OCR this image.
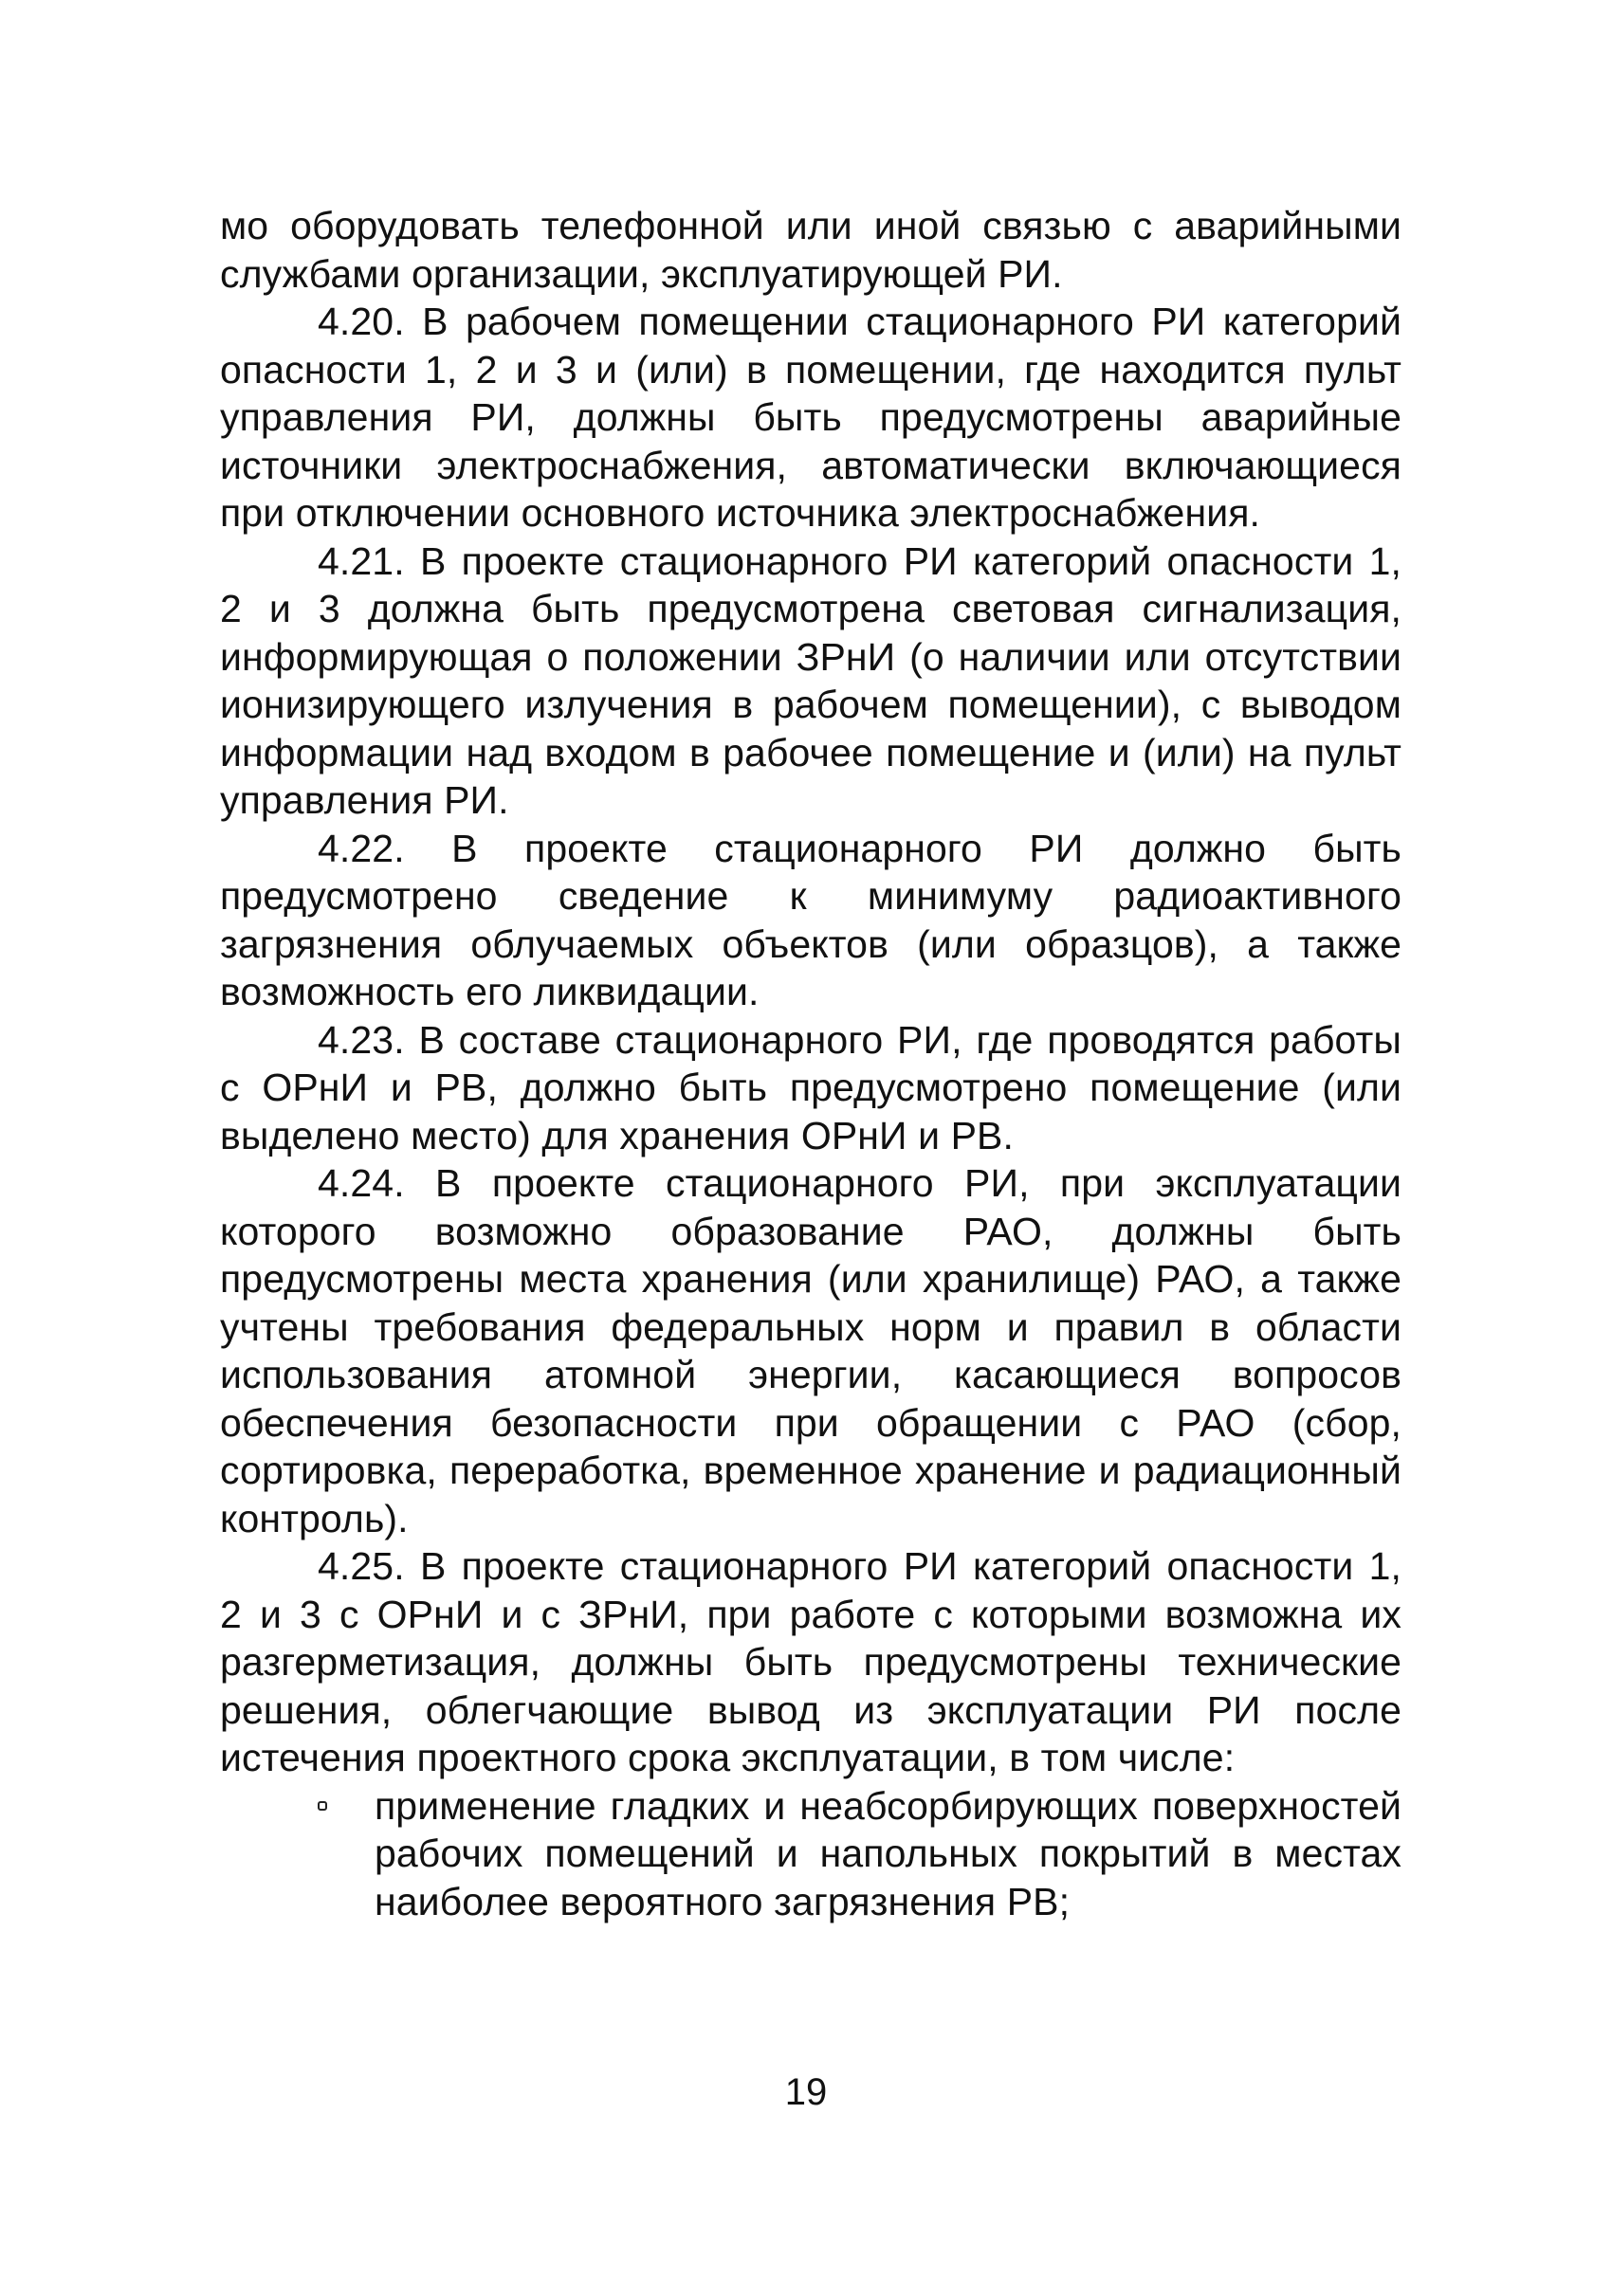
мо оборудовать телефонной или иной связью с аварийными службами организации, эксплуатирующей РИ.

4.20. В рабочем помещении стационарного РИ категорий опасности 1, 2 и 3 и (или) в помещении, где находится пульт управления РИ, должны быть предусмотрены аварийные источники электроснабжения, автоматически включающиеся при отключении основного источника электроснабжения.

4.21. В проекте стационарного РИ категорий опасности 1, 2 и 3 должна быть предусмотрена световая сигнализация, информирующая о положении ЗРнИ (о наличии или отсутствии ионизирующего излучения в рабочем помещении), с выводом информации над входом в рабочее помещение и (или) на пульт управления РИ.

4.22. В проекте стационарного РИ должно быть предусмотрено сведение к минимуму радиоактивного загрязнения облучаемых объектов (или образцов), а также возможность его ликвидации.

4.23. В составе стационарного РИ, где проводятся работы с ОРнИ и РВ, должно быть предусмотрено помещение (или выделено место) для хранения ОРнИ и РВ.

4.24. В проекте стационарного РИ, при эксплуатации которого возможно образование РАО, должны быть предусмотрены места хранения (или хранилище) РАО, а также учтены требования федеральных норм и правил в области использования атомной энергии, касающиеся вопросов обеспечения безопасности при обращении с РАО (сбор, сортировка, переработка, временное хранение и радиационный контроль).

4.25. В проекте стационарного РИ категорий опасности 1, 2 и 3 с ОРнИ и с ЗРнИ, при работе с которыми возможна их разгерметизация, должны быть предусмотрены технические решения, облегчающие вывод из эксплуатации РИ после истечения проектного срока эксплуатации, в том числе:

применение гладких и неабсорбирующих поверхностей рабочих помещений и напольных покрытий в местах наиболее вероятного загрязнения РВ;
19
